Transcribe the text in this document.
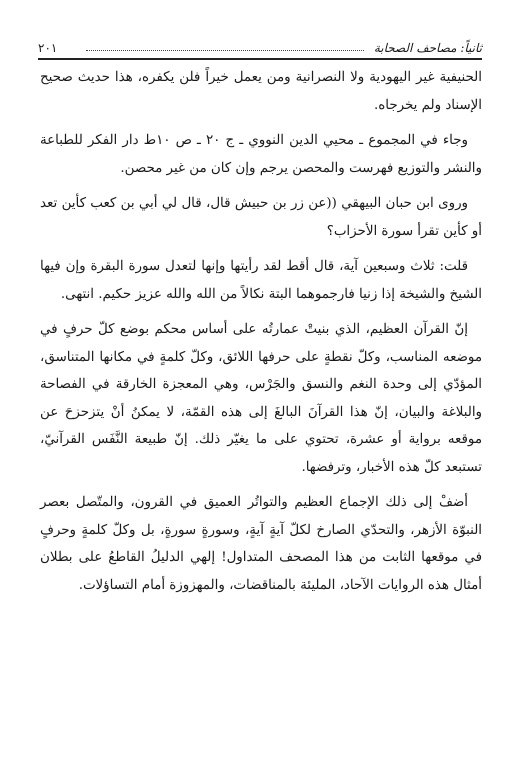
ثانياً: مصاحف الصحابة
٢٠١

الحنيفية غير اليهودية ولا النصرانية ومن يعمل خيراً فلن يكفره، هذا حديث صحيح الإسناد ولم يخرجاه.

وجاء في المجموع ـ محيي الدين النووي ـ ج ٢٠ ـ ص ١٠ط دار الفكر للطباعة والنشر والتوزيع فهرست والمحصن يرجم وإن كان من غير محصن.

وروى ابن حبان البيهقي ((عن زر بن حبيش قال، قال لي أبي بن كعب كأين تعد أو كأين تقرأ سورة الأحزاب؟

قلت: ثلاث وسبعين آية، قال أقط لقد رأيتها وإنها لتعدل سورة البقرة وإن فيها الشيخ والشيخة إذا زنيا فارجموهما البتة نكالاً من الله والله عزيز حكيم. انتهى.

إنّ القرآن العظيم، الذي بنيتْ عمارتُه على أساس محكم بوضع كلّ حرفٍ في موضعه المناسب، وكلّ نقطةٍ على حرفها اللائق، وكلّ كلمةٍ في مكانها المتناسق، المؤدّي إلى وحدة النغم والنسق والجَرْس، وهي المعجزة الخارقة في الفصاحة والبلاغة والبيان، إنّ هذا القرآنَ البالغَ إلى هذه القمّة، لا يمكنُ أنْ يتزحزحَ عن موقعه برواية أو عشرة، تحتوي على ما يغيّر ذلك. إنّ طبيعة النَّفَس القرآنيّ، تستبعد كلّ هذه الأخبار، وترفضها.

أضفْ إلى ذلك الإجماع العظيم والتواتُر العميق في القرون، والمتّصل بعصر النبوّة الأزهر، والتحدّي الصارخ لكلّ آيةٍ آيةٍ، وسورةٍ سورةٍ، بل وكلّ كلمةٍ وحرفٍ في موقعها الثابت من هذا المصحف المتداول! إلهي الدليلُ القاطعُ على بطلان أمثال هذه الروايات الآحاد، المليئة بالمناقضات، والمهزوزة أمام التساؤلات.
